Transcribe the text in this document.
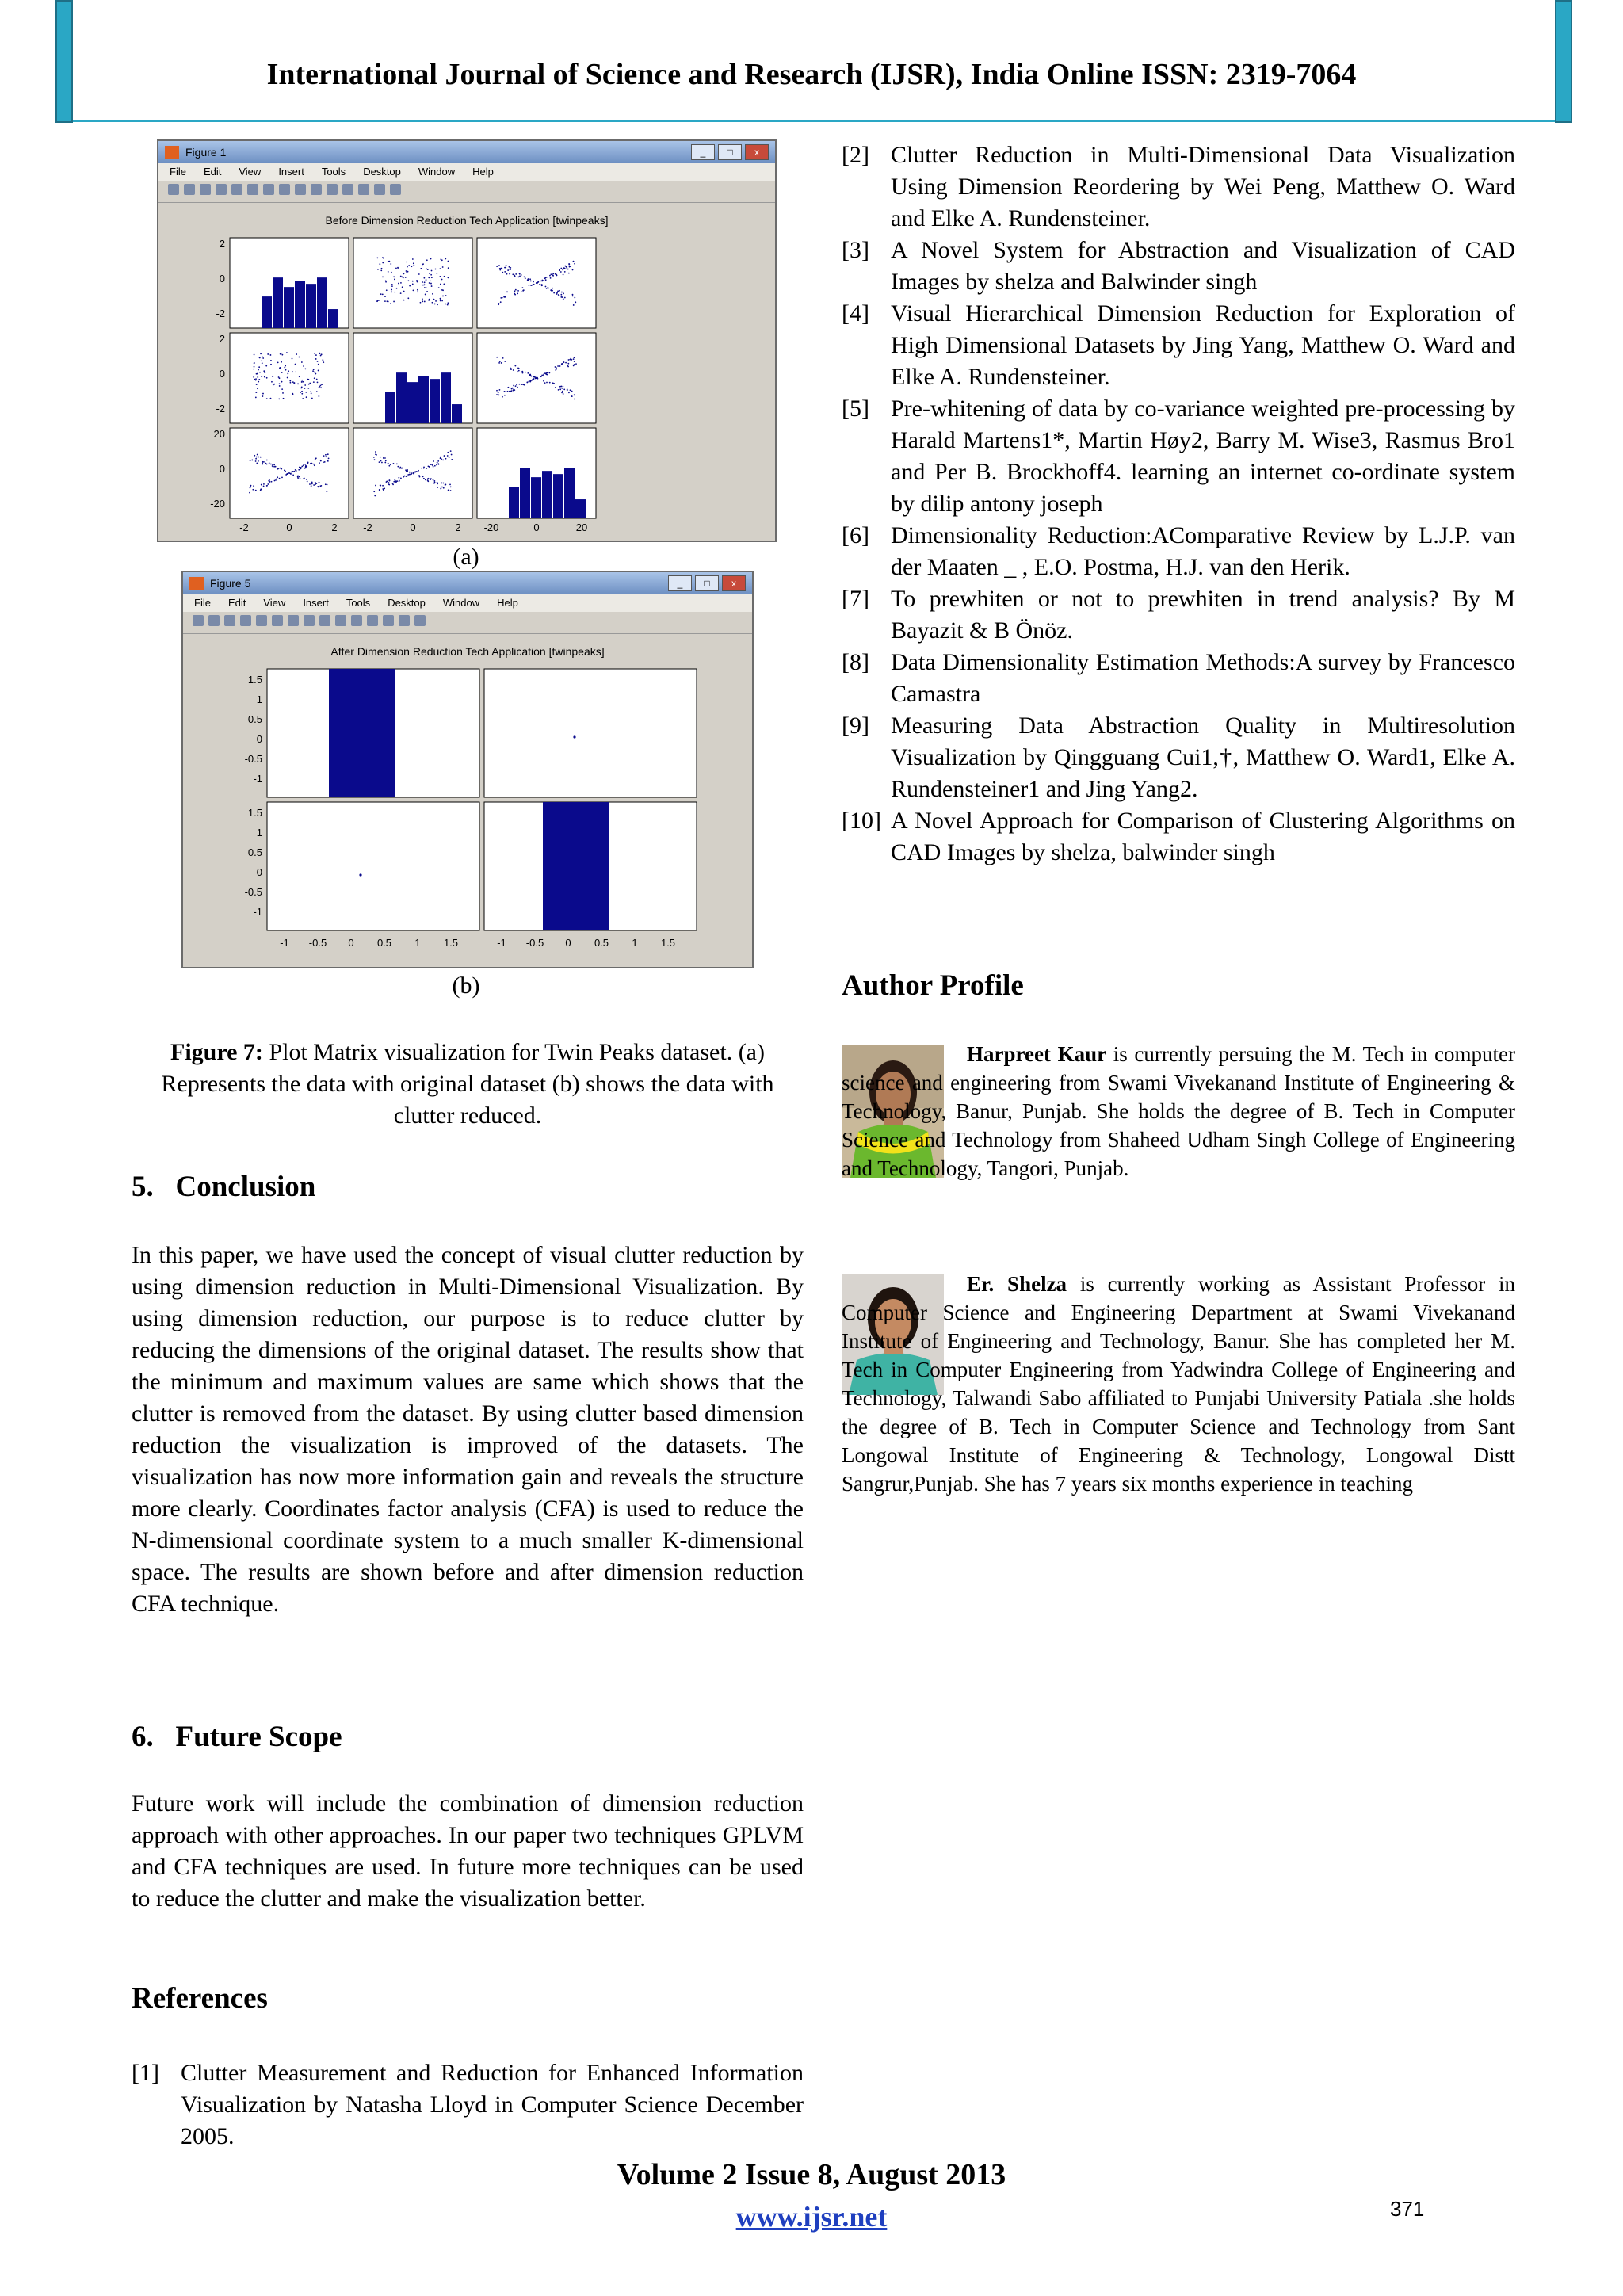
International Journal of Science and Research (IJSR), India Online ISSN: 2319-7064
Figure 1	_	□	x
File Edit View Insert Tools Desktop Window Help
Before Dimension Reduction Tech Application [twinpeaks]
2
0
-2
2
0
-2
20
0
-20
-2	0	2	-2	0	2 -20	0	20
(a)
Figure 5	_	□	x
File Edit View Insert Tools Desktop Window Help
After Dimension Reduction Tech Application [twinpeaks]
1.5
1
0.5
0
-0.5
-1
1.5
1
0.5
0
-0.5
-1
-1 -0.5 0 0.5 1 1.5	-1 -0.5 0 0.5 1 1.5
(b)
Figure 7: Plot Matrix visualization for Twin Peaks dataset. (a) Represents the data with original dataset (b) shows the data with clutter reduced.
5.   Conclusion
In this paper, we have used the concept of visual clutter reduction by using dimension reduction in Multi-Dimensional Visualization. By using dimension reduction, our purpose is to reduce clutter by reducing the dimensions of the original dataset. The results show that the minimum and maximum values are same which shows that the clutter is removed from the dataset. By using clutter based dimension reduction the visualization is improved of the datasets. The visualization has now more information gain and reveals the structure more clearly. Coordinates factor analysis (CFA) is used to reduce the N-dimensional coordinate system to a much smaller K-dimensional space. The results are shown before and after dimension reduction CFA technique.
6.   Future Scope
Future work will include the combination of dimension reduction approach with other approaches. In our paper two techniques GPLVM and CFA techniques are used. In future more techniques can be used to reduce the clutter and make the visualization better.
References
[1] Clutter Measurement and Reduction for Enhanced Information Visualization by Natasha Lloyd in Computer Science December 2005.
[2] Clutter Reduction in Multi-Dimensional Data Visualization Using Dimension Reordering by Wei Peng, Matthew O. Ward and Elke A. Rundensteiner.
[3] A Novel System for Abstraction and Visualization of CAD Images by shelza and Balwinder singh
[4] Visual Hierarchical Dimension Reduction for Exploration of High Dimensional Datasets by Jing Yang, Matthew O. Ward and Elke A. Rundensteiner.
[5] Pre-whitening of data by co-variance weighted pre-processing by Harald Martens1*, Martin Høy2, Barry M. Wise3, Rasmus Bro1 and Per B. Brockhoff4. learning an internet co-ordinate system by dilip antony joseph
[6] Dimensionality Reduction:AComparative Review by L.J.P. van der Maaten _ , E.O. Postma, H.J. van den Herik.
[7] To prewhiten or not to prewhiten in trend analysis? By M Bayazit & B Önöz.
[8] Data Dimensionality Estimation Methods:A survey by Francesco Camastra
[9] Measuring Data Abstraction Quality in Multiresolution Visualization by Qingguang Cui1,†, Matthew O. Ward1, Elke A. Rundensteiner1 and Jing Yang2.
[10] A Novel Approach for Comparison of Clustering Algorithms on CAD Images by shelza, balwinder singh
Author Profile
Harpreet Kaur is currently persuing the M. Tech in computer science and engineering from Swami Vivekanand Institute of Engineering & Technology, Banur, Punjab. She holds the degree of B. Tech in Computer Science and Technology from Shaheed Udham Singh College of Engineering and Technology, Tangori, Punjab.
Er. Shelza is currently working as Assistant Professor in Computer Science and Engineering Department at Swami Vivekanand Institute of Engineering and Technology, Banur. She has completed her M. Tech in Computer Engineering from Yadwindra College of Engineering and Technology, Talwandi Sabo affiliated to Punjabi University Patiala .she holds the degree of B. Tech in Computer Science and Technology from Sant Longowal Institute of Engineering & Technology, Longowal Distt Sangrur,Punjab. She has 7 years six months experience in teaching
Volume 2 Issue 8, August 2013
www.ijsr.net	371
